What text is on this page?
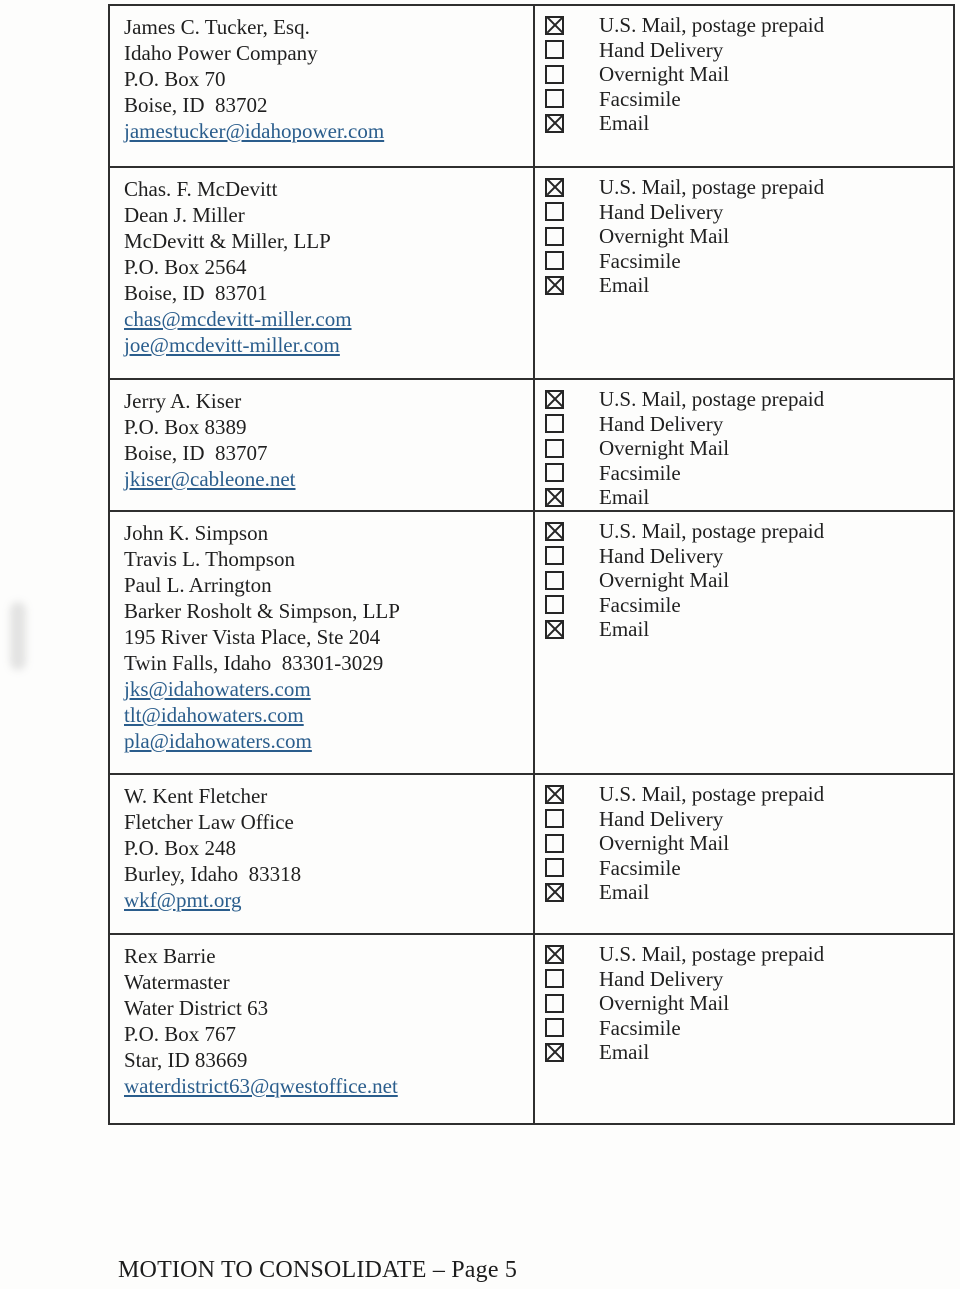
James C. Tucker, Esq.
Idaho Power Company
P.O. Box 70
Boise, ID  83702
jamestucker@idahopower.com
U.S. Mail, postage prepaid
Hand Delivery
Overnight Mail
Facsimile
Email
Chas. F. McDevitt
Dean J. Miller
McDevitt & Miller, LLP
P.O. Box 2564
Boise, ID  83701
chas@mcdevitt-miller.com
joe@mcdevitt-miller.com
U.S. Mail, postage prepaid
Hand Delivery
Overnight Mail
Facsimile
Email
Jerry A. Kiser
P.O. Box 8389
Boise, ID  83707
jkiser@cableone.net
U.S. Mail, postage prepaid
Hand Delivery
Overnight Mail
Facsimile
Email
John K. Simpson
Travis L. Thompson
Paul L. Arrington
Barker Rosholt & Simpson, LLP
195 River Vista Place, Ste 204
Twin Falls, Idaho  83301-3029
jks@idahowaters.com
tlt@idahowaters.com
pla@idahowaters.com
U.S. Mail, postage prepaid
Hand Delivery
Overnight Mail
Facsimile
Email
W. Kent Fletcher
Fletcher Law Office
P.O. Box 248
Burley, Idaho  83318
wkf@pmt.org
U.S. Mail, postage prepaid
Hand Delivery
Overnight Mail
Facsimile
Email
Rex Barrie
Watermaster
Water District 63
P.O. Box 767
Star, ID 83669
waterdistrict63@qwestoffice.net
U.S. Mail, postage prepaid
Hand Delivery
Overnight Mail
Facsimile
Email
MOTION TO CONSOLIDATE – Page 5
